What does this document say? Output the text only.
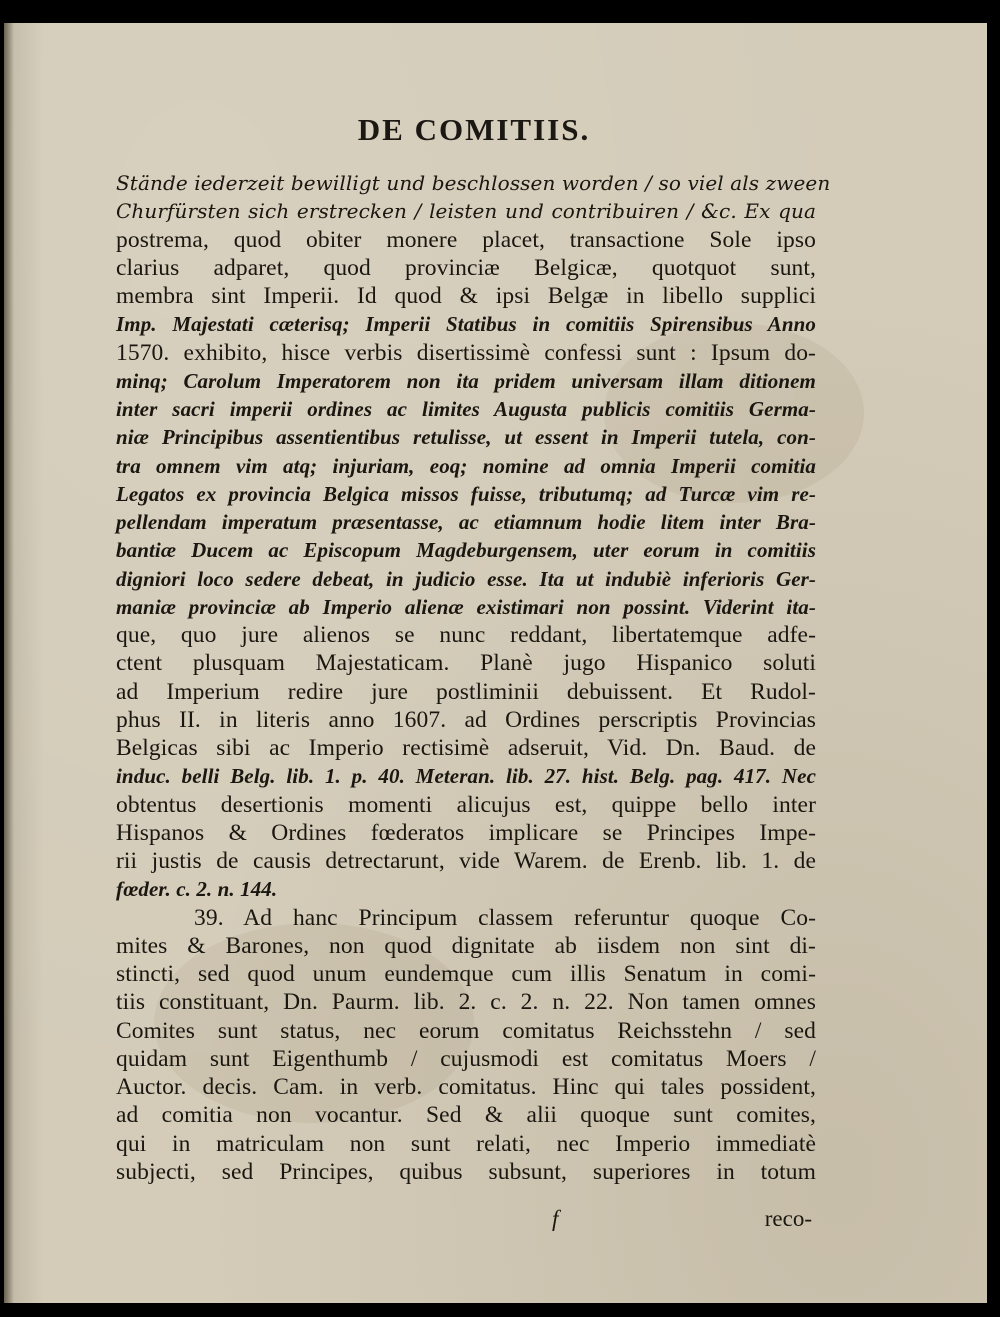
DE COMITIIS.
Stände iederzeit bewilligt und beschlossen worden / so viel als zween
Churfürsten sich erstrecken / leisten und contribuiren / &c. Ex qua
postrema, quod obiter monere placet, transactione Sole ipso
clarius adparet, quod provinciæ Belgicæ, quotquot sunt,
membra sint Imperii. Id quod & ipsi Belgæ in libello supplici
Imp. Majestati cæterisq; Imperii Statibus in comitiis Spirensibus Anno
1570. exhibito, hisce verbis disertissimè confessi sunt : Ipsum do-
minq; Carolum Imperatorem non ita pridem universam illam ditionem
inter sacri imperii ordines ac limites Augusta publicis comitiis Germa-
niæ Principibus assentientibus retulisse, ut essent in Imperii tutela, con-
tra omnem vim atq; injuriam, eoq; nomine ad omnia Imperii comitia
Legatos ex provincia Belgica missos fuisse, tributumq; ad Turcæ vim re-
pellendam imperatum præsentasse, ac etiamnum hodie litem inter Bra-
bantiæ Ducem ac Episcopum Magdeburgensem, uter eorum in comitiis
digniori loco sedere debeat, in judicio esse. Ita ut indubiè inferioris Ger-
maniæ provinciæ ab Imperio alienæ existimari non possint. Viderint ita-
que, quo jure alienos se nunc reddant, libertatemque adfe-
ctent plusquam Majestaticam. Planè jugo Hispanico soluti
ad Imperium redire jure postliminii debuissent. Et Rudol-
phus II. in literis anno 1607. ad Ordines perscriptis Provincias
Belgicas sibi ac Imperio rectisimè adseruit, Vid. Dn. Baud. de
induc. belli Belg. lib. 1. p. 40. Meteran. lib. 27. hist. Belg. pag. 417. Nec
obtentus desertionis momenti alicujus est, quippe bello inter
Hispanos & Ordines fœderatos implicare se Principes Impe-
rii justis de causis detrectarunt, vide Warem. de Erenb. lib. 1. de
fœder. c. 2. n. 144.
39. Ad hanc Principum classem referuntur quoque Co-
mites & Barones, non quod dignitate ab iisdem non sint di-
stincti, sed quod unum eundemque cum illis Senatum in comi-
tiis constituant, Dn. Paurm. lib. 2. c. 2. n. 22. Non tamen omnes
Comites sunt status, nec eorum comitatus Reichsstehn / sed
quidam sunt Eigenthumb / cujusmodi est comitatus Moers /
Auctor. decis. Cam. in verb. comitatus. Hinc qui tales possident,
ad comitia non vocantur. Sed & alii quoque sunt comites,
qui in matriculam non sunt relati, nec Imperio immediatè
subjecti, sed Principes, quibus subsunt, superiores in totum
f	reco-
